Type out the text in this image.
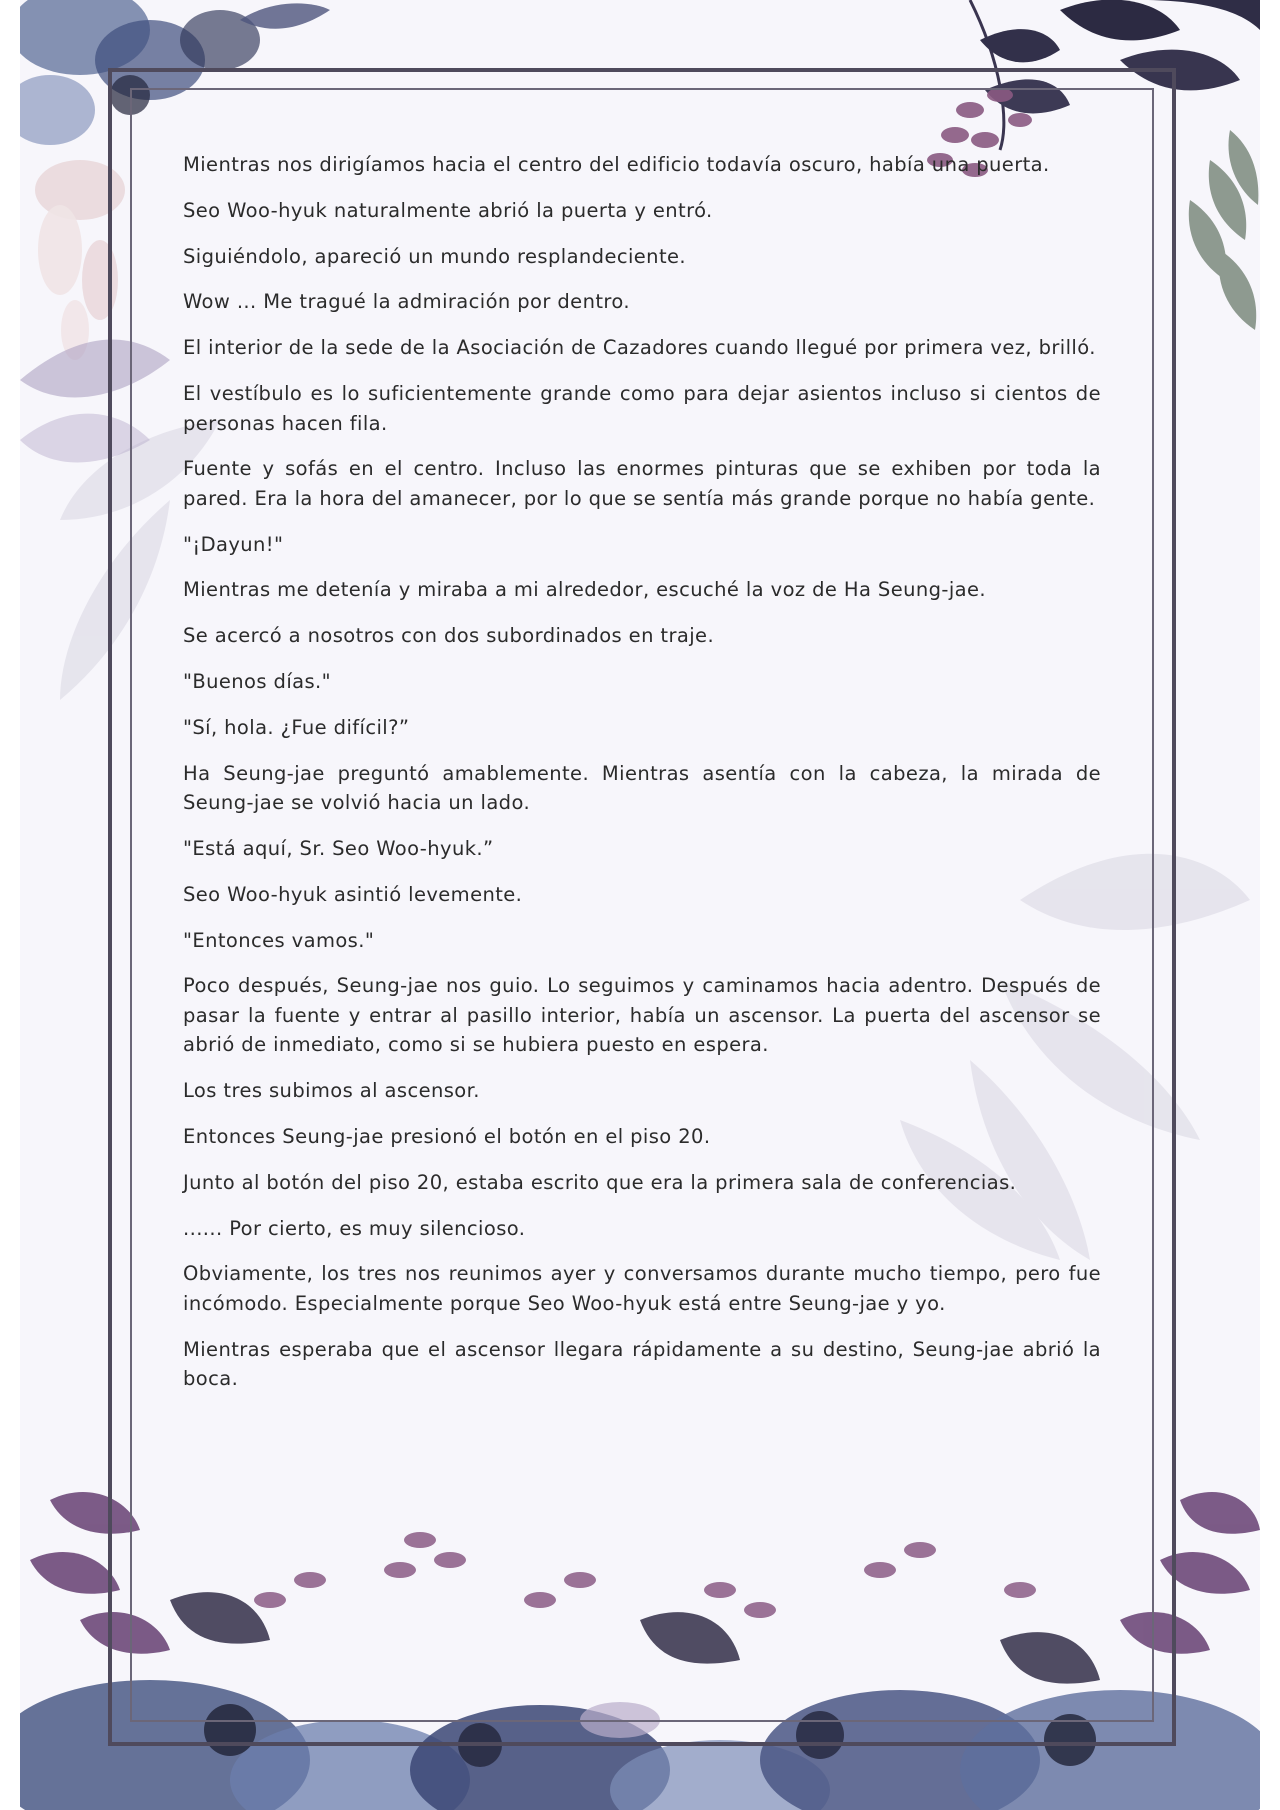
Mientras nos dirigíamos hacia el centro del edificio todavía oscuro, había una puerta.

Seo Woo-hyuk naturalmente abrió la puerta y entró.

Siguiéndolo, apareció un mundo resplandeciente.

Wow ... Me tragué la admiración por dentro.

El interior de la sede de la Asociación de Cazadores cuando llegué por primera vez, brilló.

El vestíbulo es lo suficientemente grande como para dejar asientos incluso si cientos de personas hacen fila.

Fuente y sofás en el centro. Incluso las enormes pinturas que se exhiben por toda la pared. Era la hora del amanecer, por lo que se sentía más grande porque no había gente.

"¡Dayun!"

Mientras me detenía y miraba a mi alrededor, escuché la voz de Ha Seung-jae.

Se acercó a nosotros con dos subordinados en traje.

"Buenos días."

"Sí, hola. ¿Fue difícil?”

Ha Seung-jae preguntó amablemente. Mientras asentía con la cabeza, la mirada de Seung-jae se volvió hacia un lado.

"Está aquí, Sr. Seo Woo-hyuk.”

Seo Woo-hyuk asintió levemente.

"Entonces vamos."

Poco después, Seung-jae nos guio. Lo seguimos y caminamos hacia adentro. Después de pasar la fuente y entrar al pasillo interior, había un ascensor. La puerta del ascensor se abrió de inmediato, como si se hubiera puesto en espera.

Los tres subimos al ascensor.

Entonces Seung-jae presionó el botón en el piso 20.

Junto al botón del piso 20, estaba escrito que era la primera sala de conferencias.

...... Por cierto, es muy silencioso.

Obviamente, los tres nos reunimos ayer y conversamos durante mucho tiempo, pero fue incómodo. Especialmente porque Seo Woo-hyuk está entre Seung-jae y yo.

Mientras esperaba que el ascensor llegara rápidamente a su destino, Seung-jae abrió la boca.
